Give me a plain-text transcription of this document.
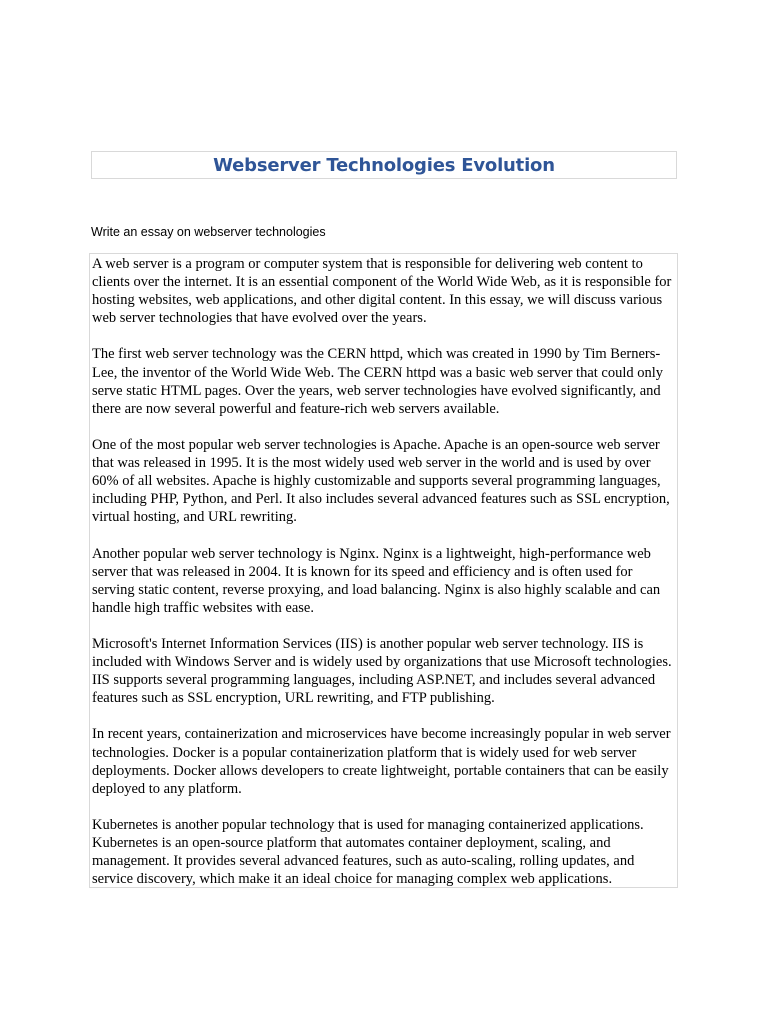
Webserver Technologies Evolution

Write an essay on webserver technologies

A web server is a program or computer system that is responsible for delivering web content to clients over the internet. It is an essential component of the World Wide Web, as it is responsible for hosting websites, web applications, and other digital content. In this essay, we will discuss various web server technologies that have evolved over the years.

The first web server technology was the CERN httpd, which was created in 1990 by Tim Berners-Lee, the inventor of the World Wide Web. The CERN httpd was a basic web server that could only serve static HTML pages. Over the years, web server technologies have evolved significantly, and there are now several powerful and feature-rich web servers available.

One of the most popular web server technologies is Apache. Apache is an open-source web server that was released in 1995. It is the most widely used web server in the world and is used by over 60% of all websites. Apache is highly customizable and supports several programming languages, including PHP, Python, and Perl. It also includes several advanced features such as SSL encryption, virtual hosting, and URL rewriting.

Another popular web server technology is Nginx. Nginx is a lightweight, high-performance web server that was released in 2004. It is known for its speed and efficiency and is often used for serving static content, reverse proxying, and load balancing. Nginx is also highly scalable and can handle high traffic websites with ease.

Microsoft's Internet Information Services (IIS) is another popular web server technology. IIS is included with Windows Server and is widely used by organizations that use Microsoft technologies. IIS supports several programming languages, including ASP.NET, and includes several advanced features such as SSL encryption, URL rewriting, and FTP publishing.

In recent years, containerization and microservices have become increasingly popular in web server technologies. Docker is a popular containerization platform that is widely used for web server deployments. Docker allows developers to create lightweight, portable containers that can be easily deployed to any platform.

Kubernetes is another popular technology that is used for managing containerized applications. Kubernetes is an open-source platform that automates container deployment, scaling, and management. It provides several advanced features, such as auto-scaling, rolling updates, and service discovery, which make it an ideal choice for managing complex web applications.
